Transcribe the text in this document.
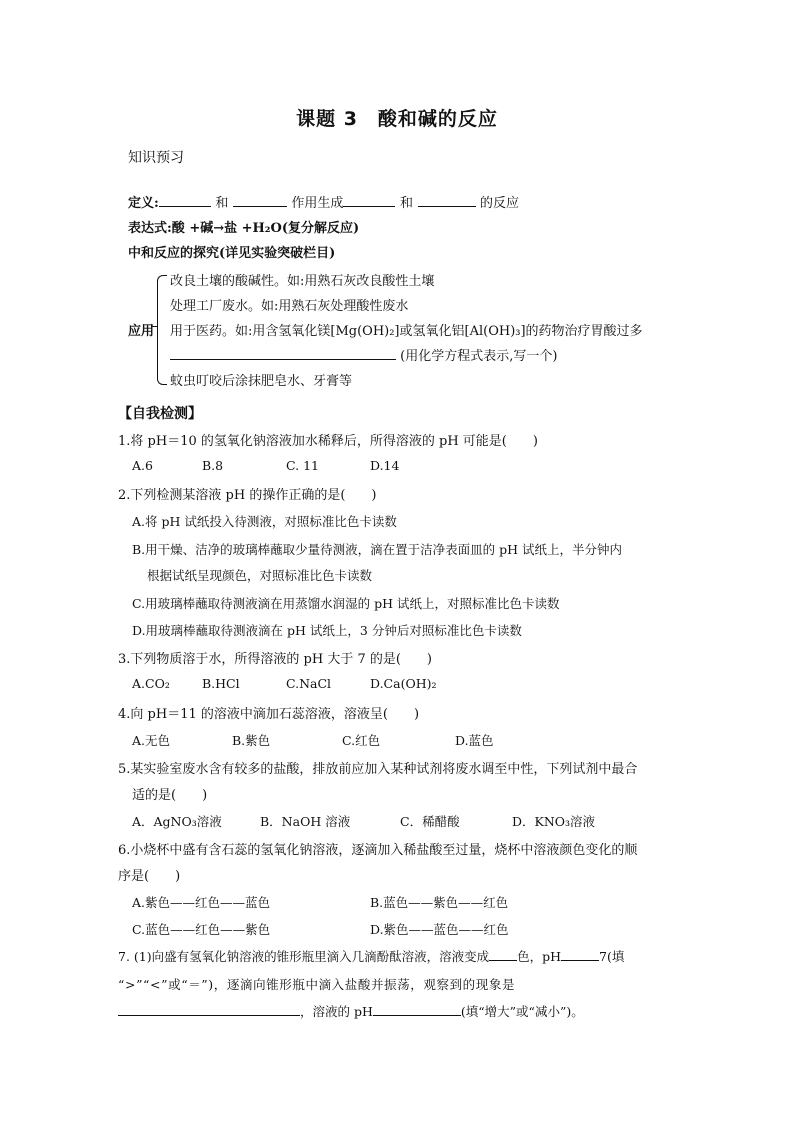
课题 3　酸和碱的反应
知识预习
定义:	和	作用生成	和	的反应
表达式:酸 +碱→盐 +H₂O(复分解反应)
中和反应的探究(详见实验突破栏目)
应用
改良土壤的酸碱性。如:用熟石灰改良酸性土壤
处理工厂废水。如:用熟石灰处理酸性废水
用于医药。如:用含氢氧化镁[Mg(OH)₂]或氢氧化铝[Al(OH)₃]的药物治疗胃酸过多
(用化学方程式表示,写一个)
蚊虫叮咬后涂抹肥皂水、牙膏等
【自我检测】
1.将 pH＝10 的氢氧化钠溶液加水稀释后，所得溶液的 pH 可能是(　　)
A.6	B.8	C. 11	D.14
2.下列检测某溶液 pH 的操作正确的是(　　)
A.将 pH 试纸投入待测液，对照标准比色卡读数
B.用干燥、洁净的玻璃棒蘸取少量待测液，滴在置于洁净表面皿的 pH 试纸上，半分钟内
根据试纸呈现颜色，对照标准比色卡读数
C.用玻璃棒蘸取待测液滴在用蒸馏水润湿的 pH 试纸上，对照标准比色卡读数
D.用玻璃棒蘸取待测液滴在 pH 试纸上，3 分钟后对照标准比色卡读数
3.下列物质溶于水，所得溶液的 pH 大于 7 的是(　　)
A.CO₂	B.HCl	C.NaCl	D.Ca(OH)₂
4.向 pH＝11 的溶液中滴加石蕊溶液，溶液呈(　　)
A.无色	B.紫色	C.红色	D.蓝色
5.某实验室废水含有较多的盐酸，排放前应加入某种试剂将废水调至中性，下列试剂中最合
适的是(　　)
A．AgNO₃溶液	B．NaOH 溶液	C．稀醋酸	D．KNO₃溶液
6.小烧杯中盛有含石蕊的氢氧化钠溶液，逐滴加入稀盐酸至过量，烧杯中溶液颜色变化的顺
序是(　　)
A.紫色——红色——蓝色	B.蓝色——紫色——红色
C.蓝色——红色——紫色	D.紫色——蓝色——红色
7. (1)向盛有氢氧化钠溶液的锥形瓶里滴入几滴酚酞溶液，溶液变成 色，pH	7(填
“>”“<”或“＝”)，逐滴向锥形瓶中滴入盐酸并振荡，观察到的现象是
，溶液的 pH	(填“增大”或“减小”)。
